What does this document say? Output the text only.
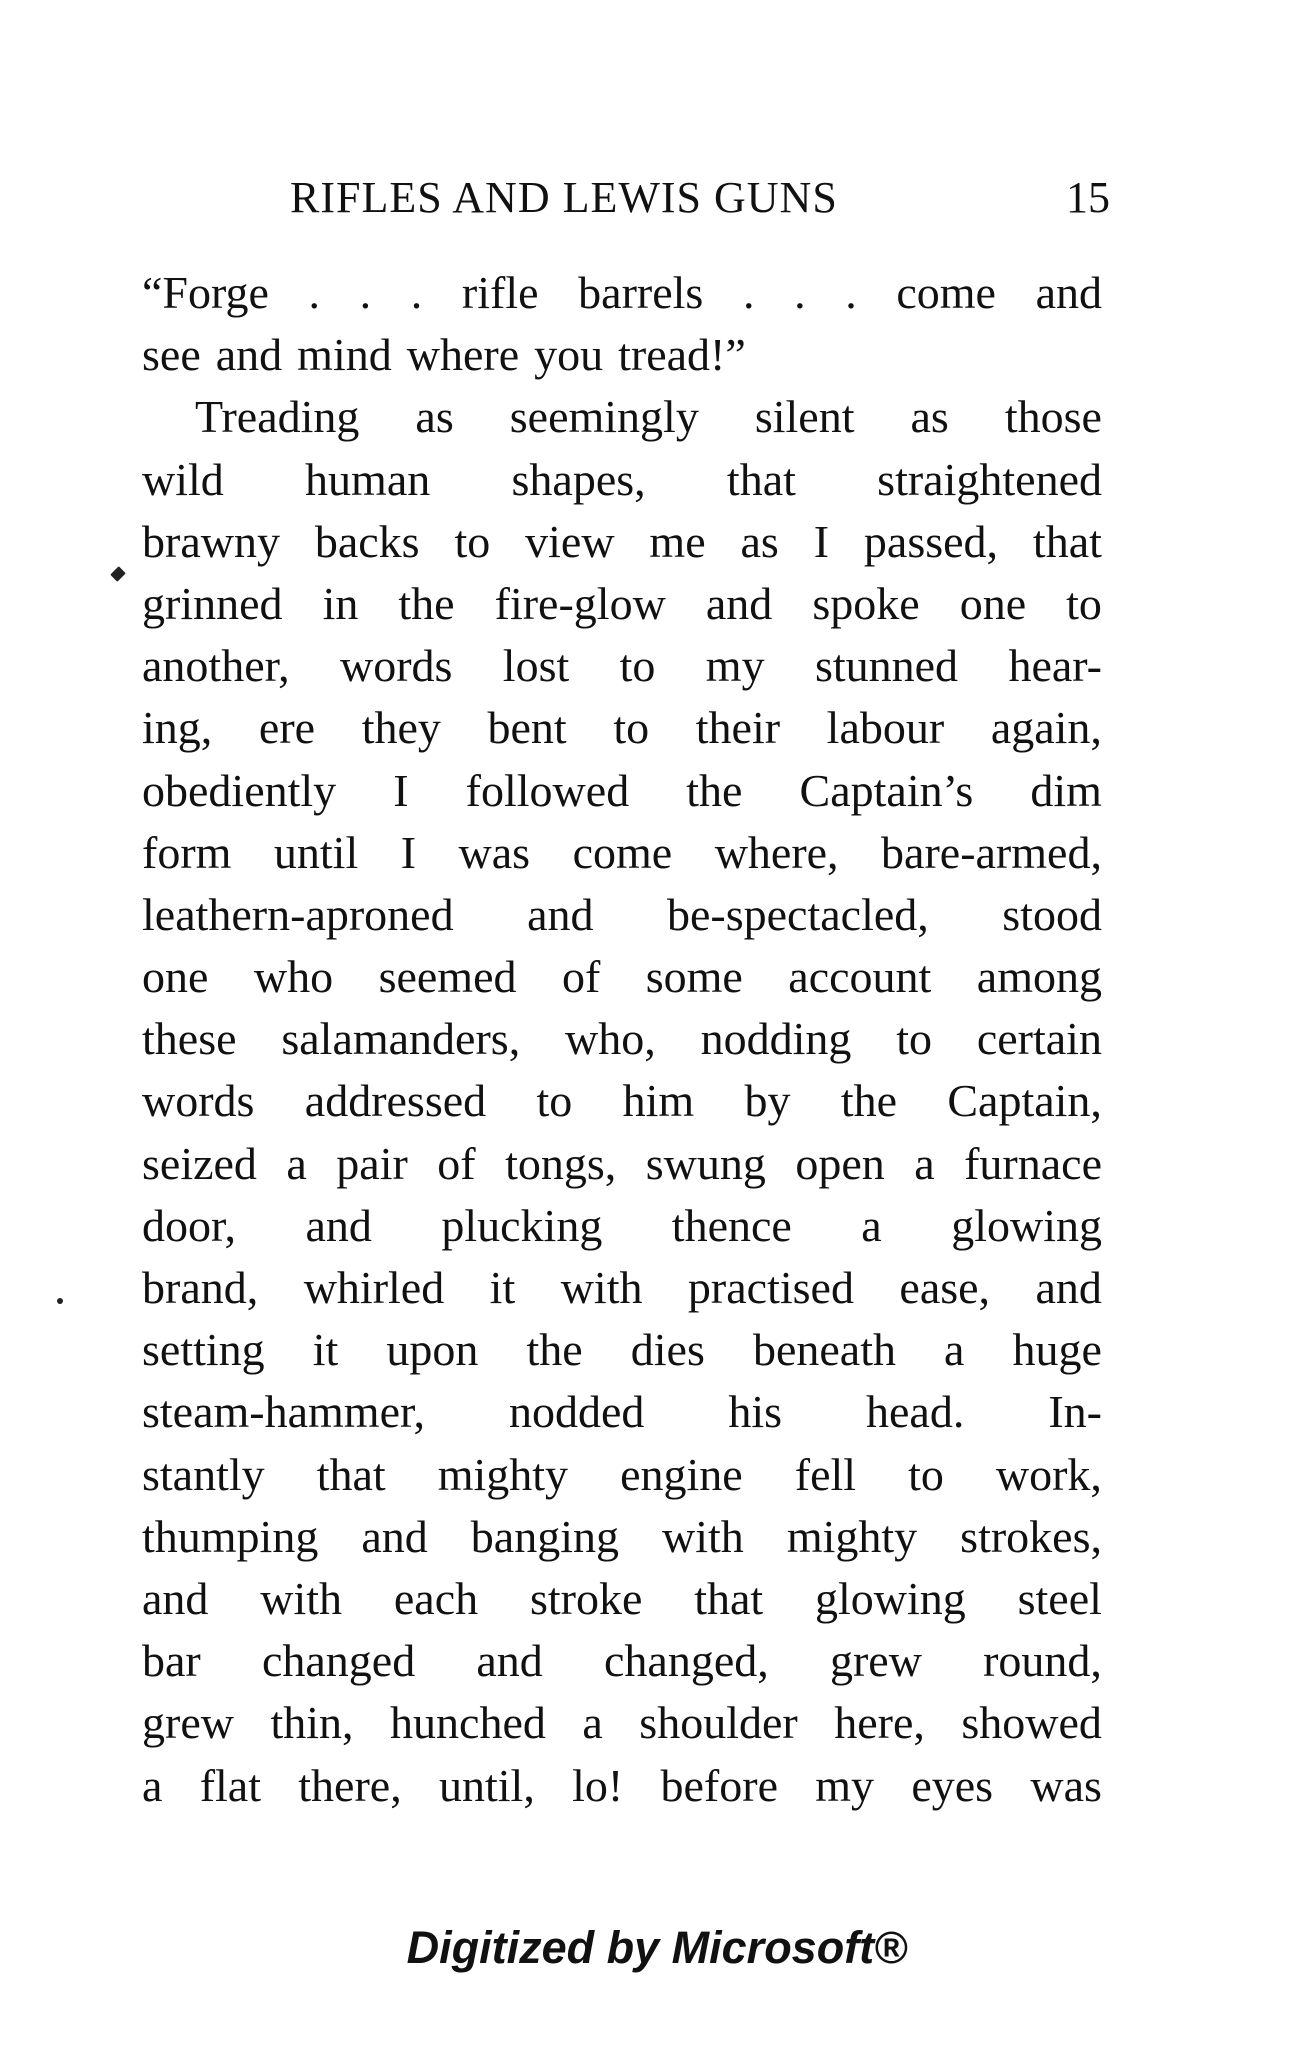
RIFLES AND LEWIS GUNS	15
“Forge . . . rifle barrels . . . come and
see and mind where you tread!”
Treading as seemingly silent as those
wild human shapes, that straightened
brawny backs to view me as I passed, that
grinned in the fire-glow and spoke one to
another, words lost to my stunned hear-
ing, ere they bent to their labour again,
obediently I followed the Captain’s dim
form until I was come where, bare-armed,
leathern-aproned and be-spectacled, stood
one who seemed of some account among
these salamanders, who, nodding to certain
words addressed to him by the Captain,
seized a pair of tongs, swung open a furnace
door, and plucking thence a glowing
brand, whirled it with practised ease, and
setting it upon the dies beneath a huge
steam-hammer, nodded his head. In-
stantly that mighty engine fell to work,
thumping and banging with mighty strokes,
and with each stroke that glowing steel
bar changed and changed, grew round,
grew thin, hunched a shoulder here, showed
a flat there, until, lo! before my eyes was
Digitized by Microsoft®
